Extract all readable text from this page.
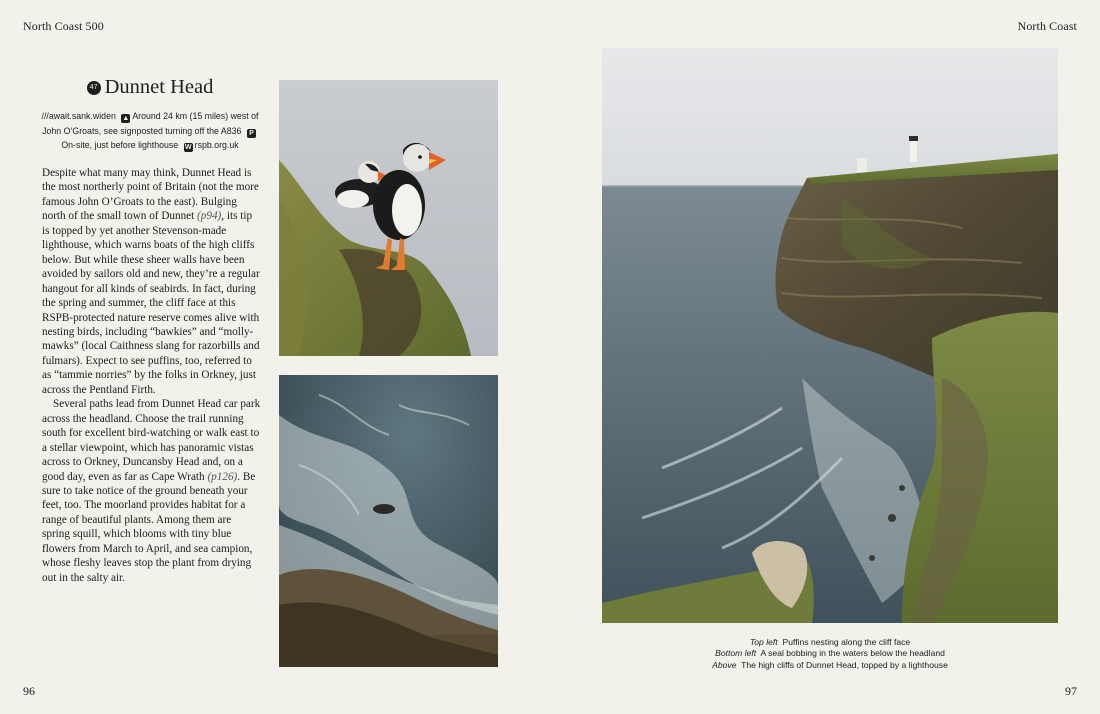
North Coast 500	North Coast
47 Dunnet Head
///await.sank.widen ▲ Around 24 km (15 miles) west of John O’Groats, see signposted turning off the A836 POn-site, just before lighthouse W rspb.org.uk

Despite what many may think, Dunnet Head is the most northerly point of Britain (not the more famous John O’Groats to the east). Bulging north of the small town of Dunnet (p94), its tip is topped by yet another Stevenson-made lighthouse, which warns boats of the high cliffs below. But while these sheer walls have been avoided by sailors old and new, they’re a regular hangout for all kinds of seabirds. In fact, during the spring and summer, the cliff face at this RSPB-protected nature reserve comes alive with nesting birds, including “bawkies” and “molly-mawks” (local Caithness slang for razorbills and fulmars). Expect to see puffins, too, referred to as “tammie norries” by the folks in Orkney, just across the Pentland Firth.

Several paths lead from Dunnet Head car park across the headland. Choose the trail running south for excellent bird-watching or walk east to a stellar viewpoint, which has panoramic vistas across to Orkney, Duncansby Head and, on a good day, even as far as Cape Wrath (p126). Be sure to take notice of the ground beneath your feet, too. The moorland provides habitat for a range of beautiful plants. Among them are spring squill, which blooms with tiny blue flowers from March to April, and sea campion, whose fleshy leaves stop the plant from drying out in the salty air.

Top left Puffins nesting along the cliff face
Bottom left A seal bobbing in the waters below the headland
Above The high cliffs of Dunnet Head, topped by a lighthouse
96	97
